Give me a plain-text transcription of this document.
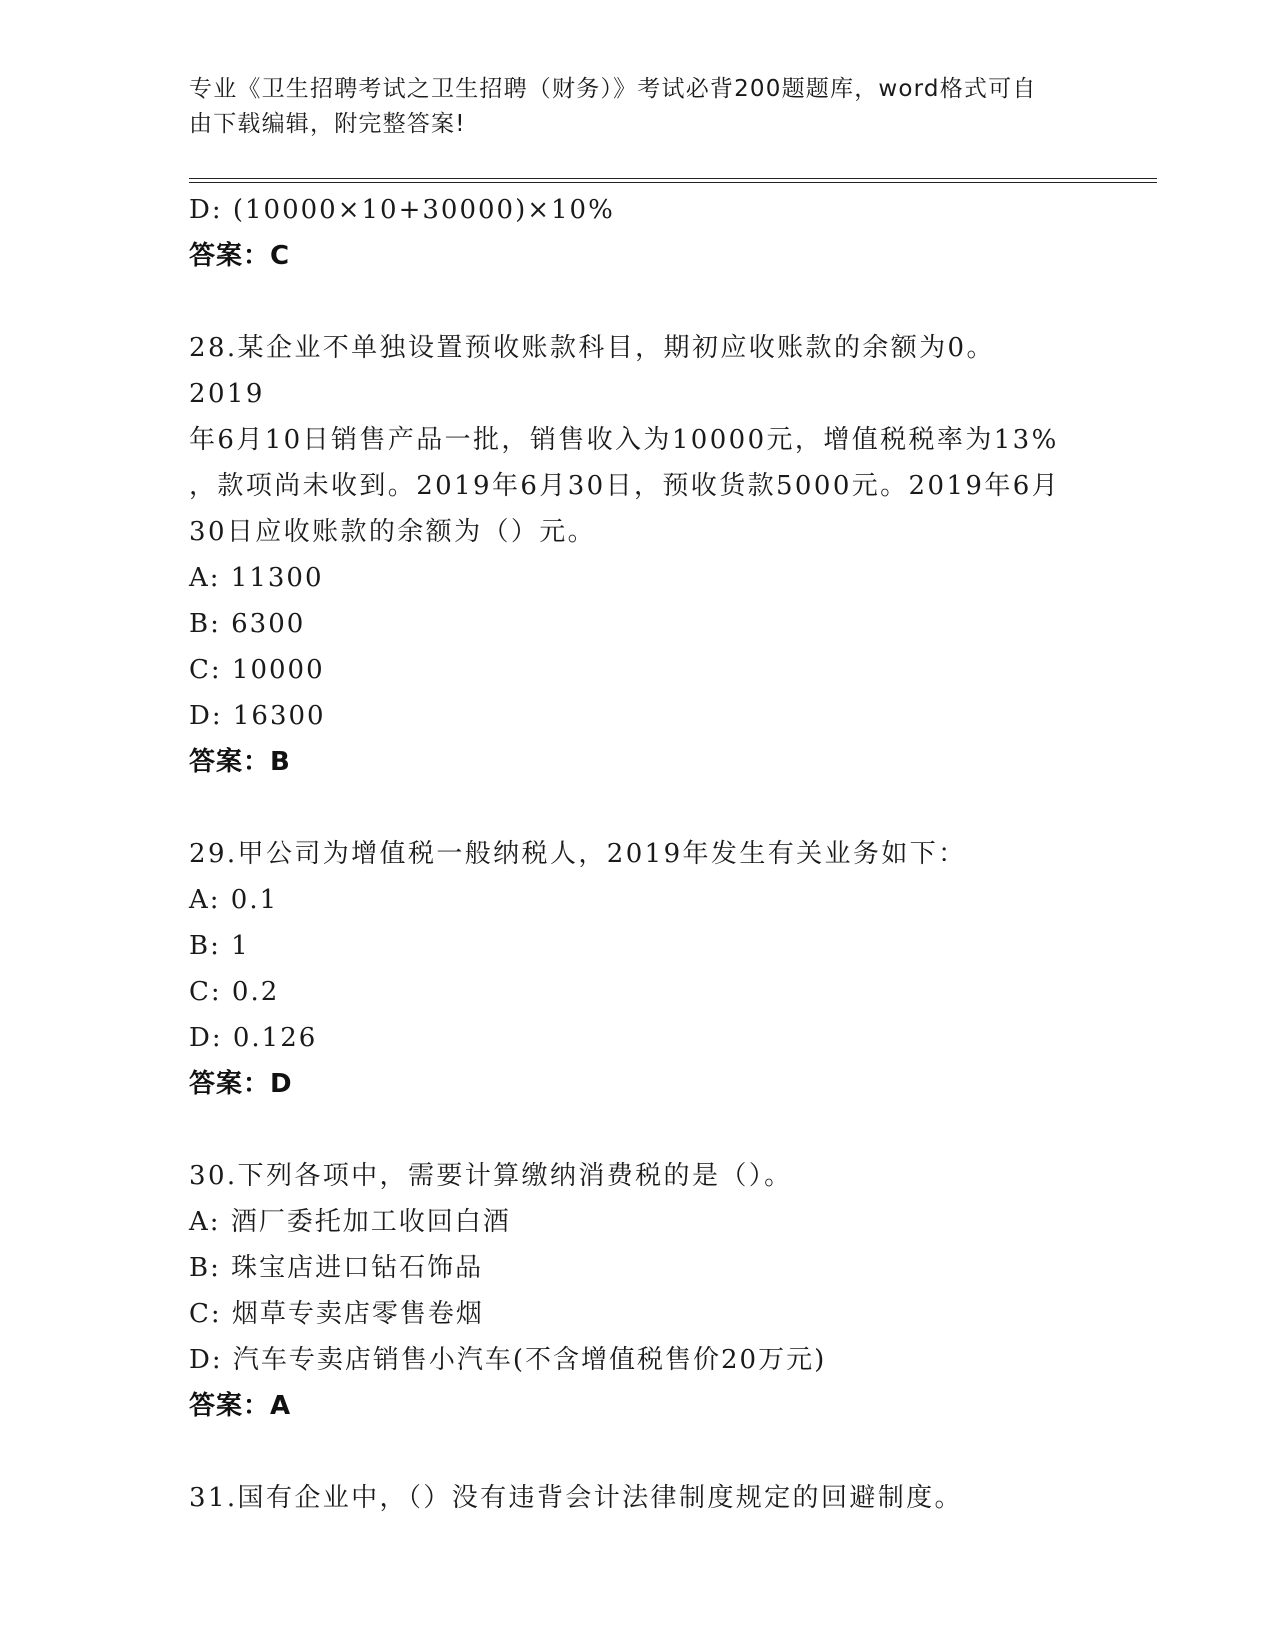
专业《卫生招聘考试之卫生招聘（财务）》考试必背200题题库，word格式可自
由下载编辑，附完整答案!
D: (10000×10+30000)×10%
答案：C
28.某企业不单独设置预收账款科目，期初应收账款的余额为0。2019
年6月10日销售产品一批，销售收入为10000元，增值税税率为13%
，款项尚未收到。2019年6月30日，预收货款5000元。2019年6月
30日应收账款的余额为（）元。
A: 11300
B: 6300
C: 10000
D: 16300
答案：B
29.甲公司为增值税一般纳税人，2019年发生有关业务如下：
A: 0.1
B: 1
C: 0.2
D: 0.126
答案：D
30.下列各项中，需要计算缴纳消费税的是（）。
A: 酒厂委托加工收回白酒
B: 珠宝店进口钻石饰品
C: 烟草专卖店零售卷烟
D: 汽车专卖店销售小汽车(不含增值税售价20万元)
答案：A
31.国有企业中，（）没有违背会计法律制度规定的回避制度。
